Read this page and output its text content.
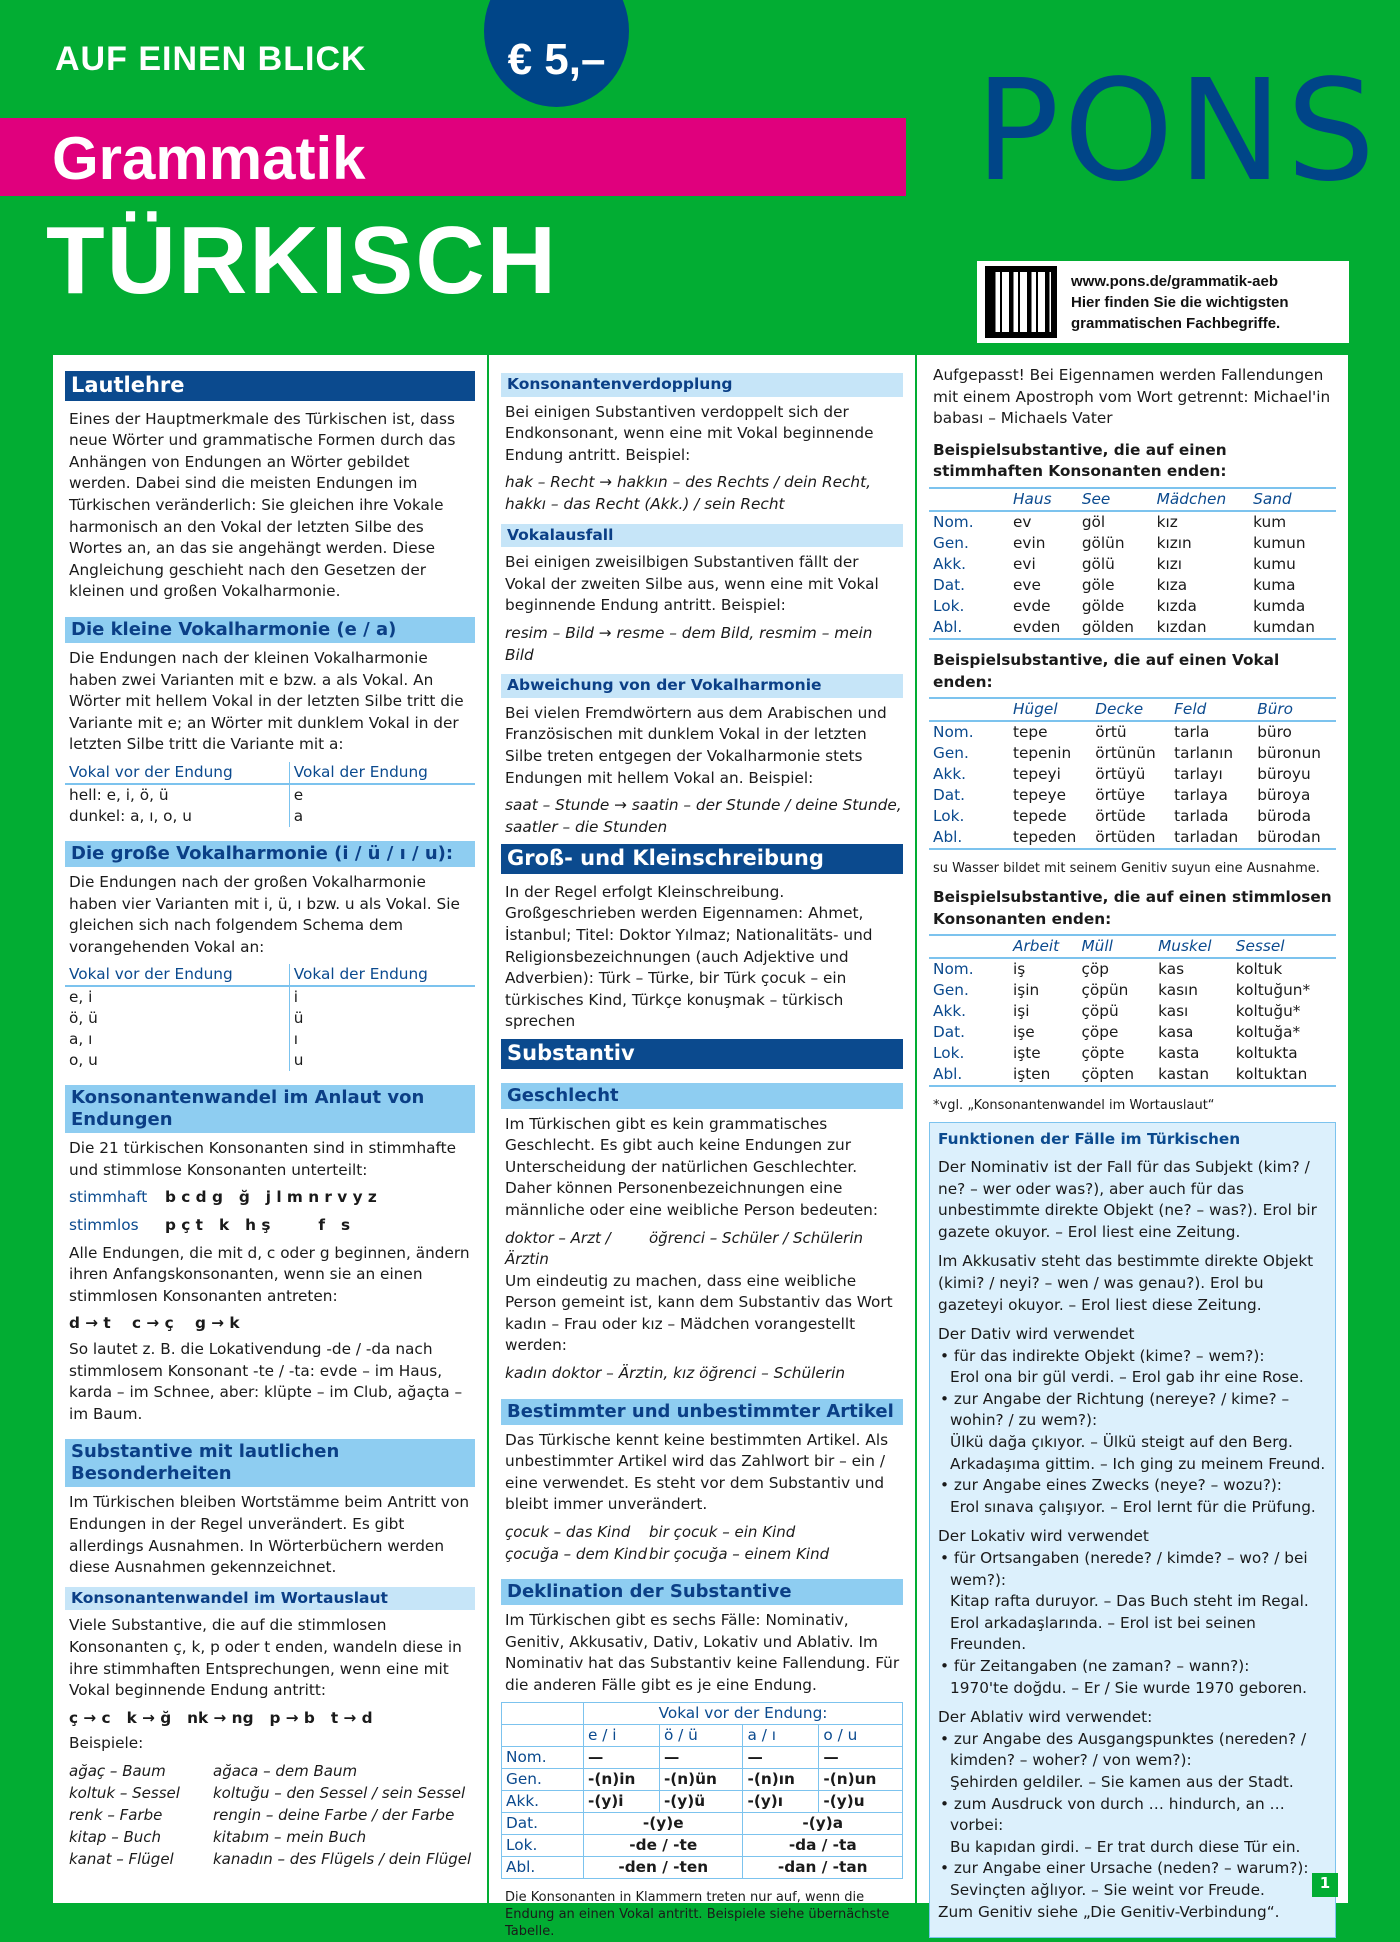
AUF EINEN BLICK	€ 5,–
Grammatik
TÜRKISCH
PONS
www.pons.de/grammatik-aeb
Hier finden Sie die wichtigsten
grammatischen Fachbegriffe.
Lautlehre
Eines der Hauptmerkmale des Türkischen ist, dass neue Wörter und grammatische Formen durch das Anhängen von Endungen an Wörter gebildet werden. Dabei sind die meisten Endungen im Türkischen veränderlich: Sie gleichen ihre Vokale harmonisch an den Vokal der letzten Silbe des Wortes an, an das sie angehängt werden. Diese Angleichung geschieht nach den Gesetzen der kleinen und großen Vokalharmonie.
Die kleine Vokalharmonie (e / a)
Die Endungen nach der kleinen Vokalharmonie haben zwei Varianten mit e bzw. a als Vokal. An Wörter mit hellem Vokal in der letzten Silbe tritt die Variante mit e; an Wörter mit dunklem Vokal in der letzten Silbe tritt die Variante mit a:
Vokal vor der Endung	Vokal der Endung
hell: e, i, ö, ü	e
dunkel: a, ı, o, u	a
Die große Vokalharmonie (i / ü / ı / u):
Die Endungen nach der großen Vokalharmonie haben vier Varianten mit i, ü, ı bzw. u als Vokal. Sie gleichen sich nach folgendem Schema dem vorangehenden Vokal an:
Vokal vor der Endung	Vokal der Endung
e, i	i
ö, ü	ü
a, ı	ı
o, u	u
Konsonantenwandel im Anlaut von Endungen
Die 21 türkischen Konsonanten sind in stimmhafte und stimmlose Konsonanten unterteilt:
stimmhaft b c d g   ğ   j l m n r v y z
stimmlos p ç t   k   h ş         f   s
Alle Endungen, die mit d, c oder g beginnen, ändern ihren Anfangskonsonanten, wenn sie an einen stimmlosen Konsonanten antreten:
d → t    c → ç    g → k
So lautet z. B. die Lokativendung -de / -da nach stimmlosem Konsonant -te / -ta: evde – im Haus, karda – im Schnee, aber: klüpte – im Club, ağaçta – im Baum.
Substantive mit lautlichen Besonderheiten
Im Türkischen bleiben Wortstämme beim Antritt von Endungen in der Regel unverändert. Es gibt allerdings Ausnahmen. In Wörterbüchern werden diese Ausnahmen gekennzeichnet.
Konsonantenwandel im Wortauslaut
Viele Substantive, die auf die stimmlosen Konsonanten ç, k, p oder t enden, wandeln diese in ihre stimmhaften Entsprechungen, wenn eine mit Vokal beginnende Endung antritt:
ç → c   k → ğ   nk → ng   p → b   t → d
Beispiele:
ağaç – Baum	ağaca – dem Baum
koltuk – Sessel	koltuğu – den Sessel / sein Sessel
renk – Farbe	rengin – deine Farbe / der Farbe
kitap – Buch	kitabım – mein Buch
kanat – Flügel	kanadın – des Flügels / dein Flügel
Konsonantenverdopplung
Bei einigen Substantiven verdoppelt sich der Endkonsonant, wenn eine mit Vokal beginnende Endung antritt. Beispiel:
hak – Recht → hakkın – des Rechts / dein Recht, hakkı – das Recht (Akk.) / sein Recht
Vokalausfall
Bei einigen zweisilbigen Substantiven fällt der Vokal der zweiten Silbe aus, wenn eine mit Vokal beginnende Endung antritt. Beispiel:
resim – Bild → resme – dem Bild, resmim – mein Bild
Abweichung von der Vokalharmonie
Bei vielen Fremdwörtern aus dem Arabischen und Französischen mit dunklem Vokal in der letzten Silbe treten entgegen der Vokalharmonie stets Endungen mit hellem Vokal an. Beispiel:
saat – Stunde → saatin – der Stunde / deine Stunde, saatler – die Stunden
Groß- und Kleinschreibung
In der Regel erfolgt Kleinschreibung. Großgeschrieben werden Eigennamen: Ahmet, İstanbul; Titel: Doktor Yılmaz; Nationalitäts- und Religionsbezeichnungen (auch Adjektive und Adverbien): Türk – Türke, bir Türk çocuk – ein türkisches Kind, Türkçe konuşmak – türkisch sprechen
Substantiv
Geschlecht
Im Türkischen gibt es kein grammatisches Geschlecht. Es gibt auch keine Endungen zur Unterscheidung der natürlichen Geschlechter. Daher können Personenbezeichnungen eine männliche oder eine weibliche Person bedeuten:
doktor – Arzt / Ärztin
öğrenci – Schüler / Schülerin
Um eindeutig zu machen, dass eine weibliche Person gemeint ist, kann dem Substantiv das Wort kadın – Frau oder kız – Mädchen vorangestellt werden:
kadın doktor – Ärztin, kız öğrenci – Schülerin
Bestimmter und unbestimmter Artikel
Das Türkische kennt keine bestimmten Artikel. Als unbestimmter Artikel wird das Zahlwort bir – ein / eine verwendet. Es steht vor dem Substantiv und bleibt immer unverändert.
çocuk – das Kind	bir çocuk – ein Kind
çocuğa – dem Kind bir çocuğa – einem Kind
Deklination der Substantive
Im Türkischen gibt es sechs Fälle: Nominativ, Genitiv, Akkusativ, Dativ, Lokativ und Ablativ. Im Nominativ hat das Substantiv keine Fallendung. Für die anderen Fälle gibt es je eine Endung.
	Vokal vor der Endung:			
	e / i	ö / ü	a / ı	o / u
Nom.	—	—	—	—
Gen.	-(n)in	-(n)ün	-(n)ın	-(n)un
Akk.	-(y)i	-(y)ü	-(y)ı	-(y)u
Dat.	-(y)e		-(y)a	
Lok.	-de / -te		-da / -ta	
Abl.	-den / -ten		-dan / -tan	
Die Konsonanten in Klammern treten nur auf, wenn die Endung an einen Vokal antritt. Beispiele siehe übernächste Tabelle.
Aufgepasst! Bei Eigennamen werden Fallendungen mit einem Apostroph vom Wort getrennt: Michael'in babası – Michaels Vater
Beispielsubstantive, die auf einen stimmhaften Konsonanten enden:
	Haus	See	Mädchen	Sand
Nom.	ev	göl	kız	kum
Gen.	evin	gölün	kızın	kumun
Akk.	evi	gölü	kızı	kumu
Dat.	eve	göle	kıza	kuma
Lok.	evde	gölde	kızda	kumda
Abl.	evden	gölden	kızdan	kumdan
Beispielsubstantive, die auf einen Vokal enden:
	Hügel	Decke	Feld	Büro
Nom.	tepe	örtü	tarla	büro
Gen.	tepenin	örtünün	tarlanın	büronun
Akk.	tepeyi	örtüyü	tarlayı	büroyu
Dat.	tepeye	örtüye	tarlaya	büroya
Lok.	tepede	örtüde	tarlada	büroda
Abl.	tepeden	örtüden	tarladan	bürodan
su Wasser bildet mit seinem Genitiv suyun eine Ausnahme.
Beispielsubstantive, die auf einen stimmlosen Konsonanten enden:
	Arbeit	Müll	Muskel	Sessel
Nom.	iş	çöp	kas	koltuk
Gen.	işin	çöpün	kasın	koltuğun*
Akk.	işi	çöpü	kası	koltuğu*
Dat.	işe	çöpe	kasa	koltuğa*
Lok.	işte	çöpte	kasta	koltukta
Abl.	işten	çöpten	kastan	koltuktan
*vgl. „Konsonantenwandel im Wortauslaut“
Funktionen der Fälle im Türkischen
Der Nominativ ist der Fall für das Subjekt (kim? / ne? – wer oder was?), aber auch für das unbestimmte direkte Objekt (ne? – was?). Erol bir gazete okuyor. – Erol liest eine Zeitung.
Im Akkusativ steht das bestimmte direkte Objekt (kimi? / neyi? – wen / was genau?). Erol bu gazeteyi okuyor. – Erol liest diese Zeitung.
Der Dativ wird verwendet
• für das indirekte Objekt (kime? – wem?):
Erol ona bir gül verdi. – Erol gab ihr eine Rose.
• zur Angabe der Richtung (nereye? / kime? – wohin? / zu wem?):
Ülkü dağa çıkıyor. – Ülkü steigt auf den Berg.
Arkadaşıma gittim. – Ich ging zu meinem Freund.
• zur Angabe eines Zwecks (neye? – wozu?):
Erol sınava çalışıyor. – Erol lernt für die Prüfung.
Der Lokativ wird verwendet
• für Ortsangaben (nerede? / kimde? – wo? / bei wem?):
Kitap rafta duruyor. – Das Buch steht im Regal.
Erol arkadaşlarında. – Erol ist bei seinen Freunden.
• für Zeitangaben (ne zaman? – wann?):
1970'te doğdu. – Er / Sie wurde 1970 geboren.
Der Ablativ wird verwendet:
• zur Angabe des Ausgangspunktes (nereden? / kimden? – woher? / von wem?):
Şehirden geldiler. – Sie kamen aus der Stadt.
• zum Ausdruck von durch … hindurch, an … vorbei:
Bu kapıdan girdi. – Er trat durch diese Tür ein.
• zur Angabe einer Ursache (neden? – warum?):
Sevinçten ağlıyor. – Sie weint vor Freude.
Zum Genitiv siehe „Die Genitiv-Verbindung“.
1
